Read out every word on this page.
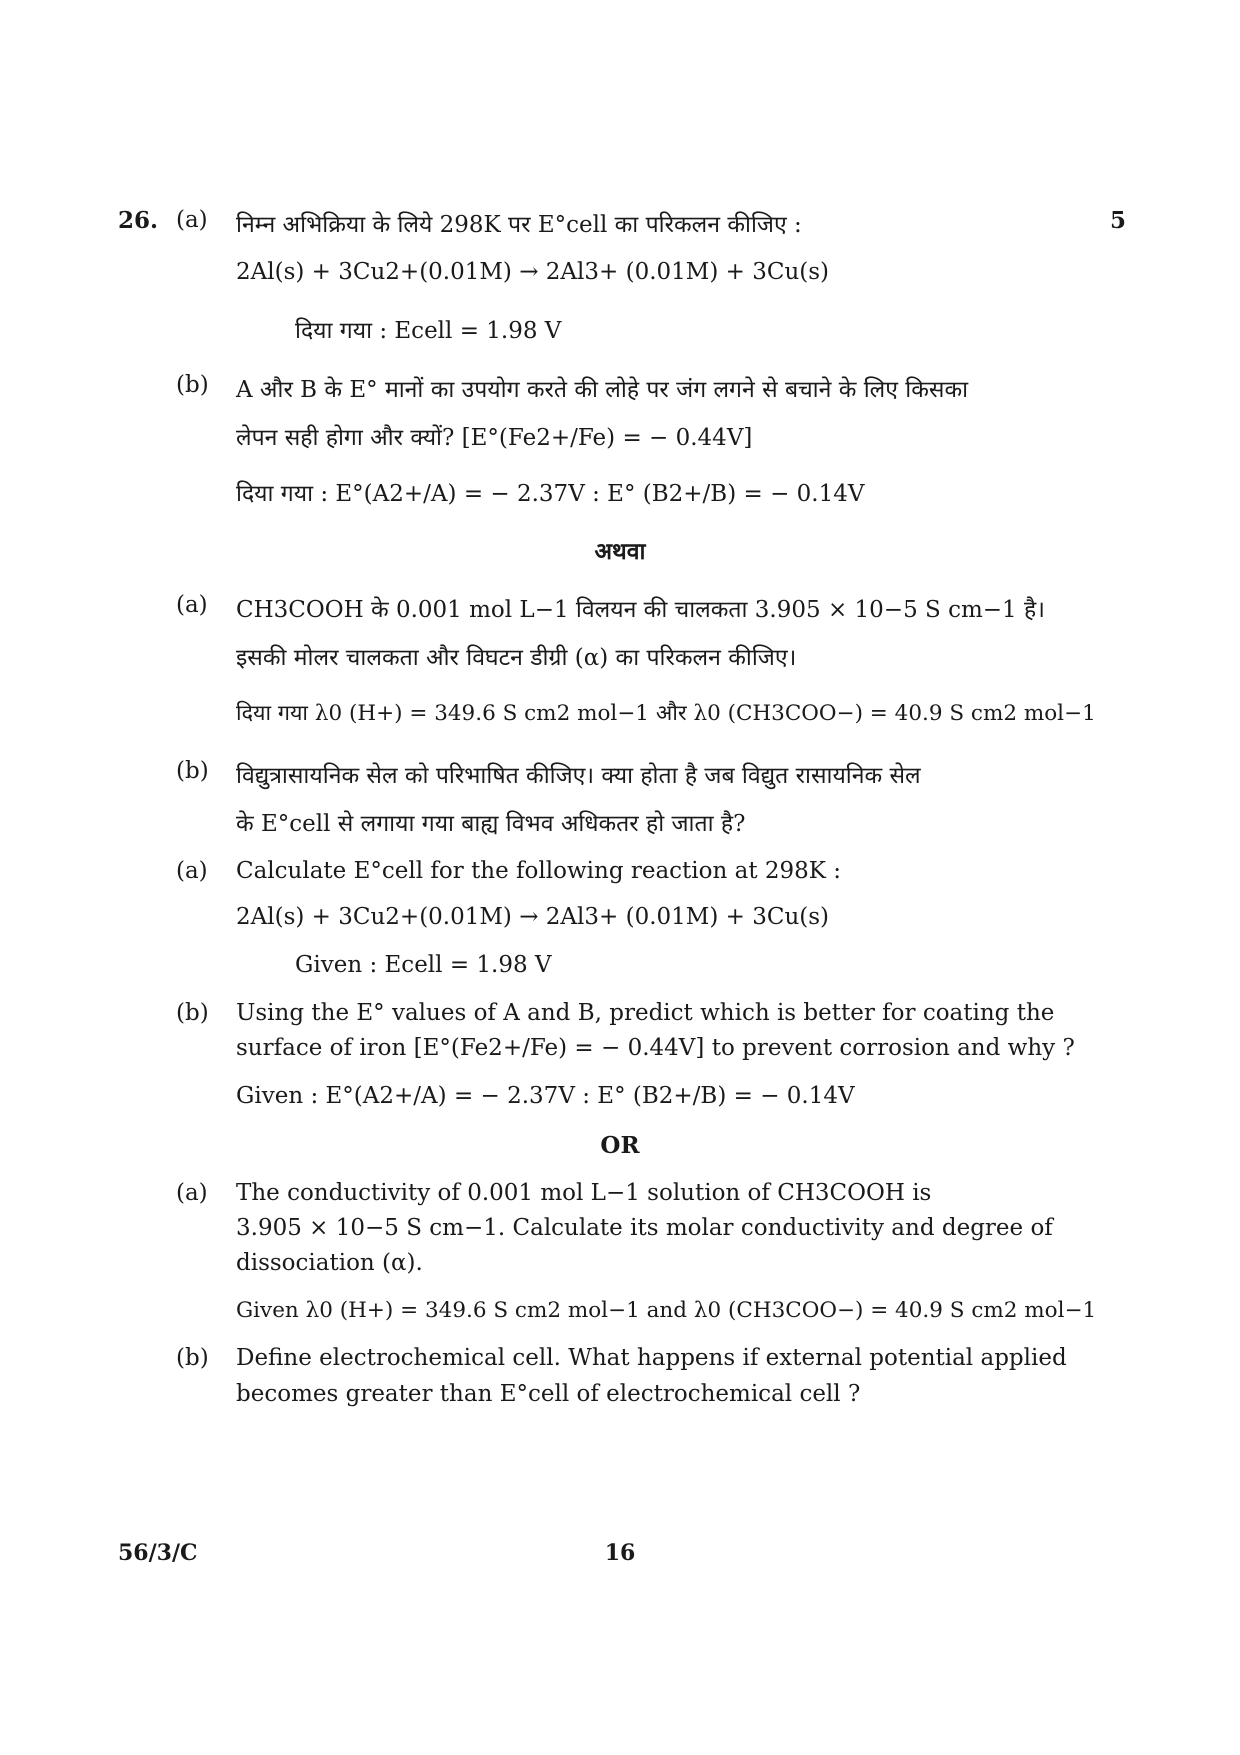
26.	5
(a) निम्न अभिक्रिया के लिये 298K पर E°cell का परिकलन कीजिए :
2Al(s) + 3Cu2+(0.01M) → 2Al3+ (0.01M) + 3Cu(s)
दिया गया : Ecell = 1.98 V
(b) A और B के E° मानों का उपयोग करते की लोहे पर जंग लगने से बचाने के लिए किसका
लेपन सही होगा और क्यों? [E°(Fe2+/Fe) = − 0.44V]
दिया गया : E°(A2+/A) = − 2.37V : E° (B2+/B) = − 0.14V
अथवा
(a) CH3COOH के 0.001 mol L−1 विलयन की चालकता 3.905 × 10−5 S cm−1 है।
इसकी मोलर चालकता और विघटन डीग्री (α) का परिकलन कीजिए।
दिया गया λ0 (H+) = 349.6 S cm2 mol−1 और λ0 (CH3COO−) = 40.9 S cm2 mol−1
(b) विद्युत्रासायनिक सेल को परिभाषित कीजिए। क्या होता है जब विद्युत रासायनिक सेल
के E°cell से लगाया गया बाह्य विभव अधिकतर हो जाता है?
(a) Calculate E°cell for the following reaction at 298K :
2Al(s) + 3Cu2+(0.01M) → 2Al3+ (0.01M) + 3Cu(s)
Given : Ecell = 1.98 V
(b) Using the E° values of A and B, predict which is better for coating the
surface of iron [E°(Fe2+/Fe) = − 0.44V] to prevent corrosion and why ?
Given : E°(A2+/A) = − 2.37V : E° (B2+/B) = − 0.14V
OR
(a) The conductivity of 0.001 mol L−1 solution of CH3COOH is
3.905 × 10−5 S cm−1. Calculate its molar conductivity and degree of
dissociation (α).
Given λ0 (H+) = 349.6 S cm2 mol−1 and λ0 (CH3COO−) = 40.9 S cm2 mol−1
(b) Define electrochemical cell. What happens if external potential applied
becomes greater than E°cell of electrochemical cell ?
56/3/C	16
